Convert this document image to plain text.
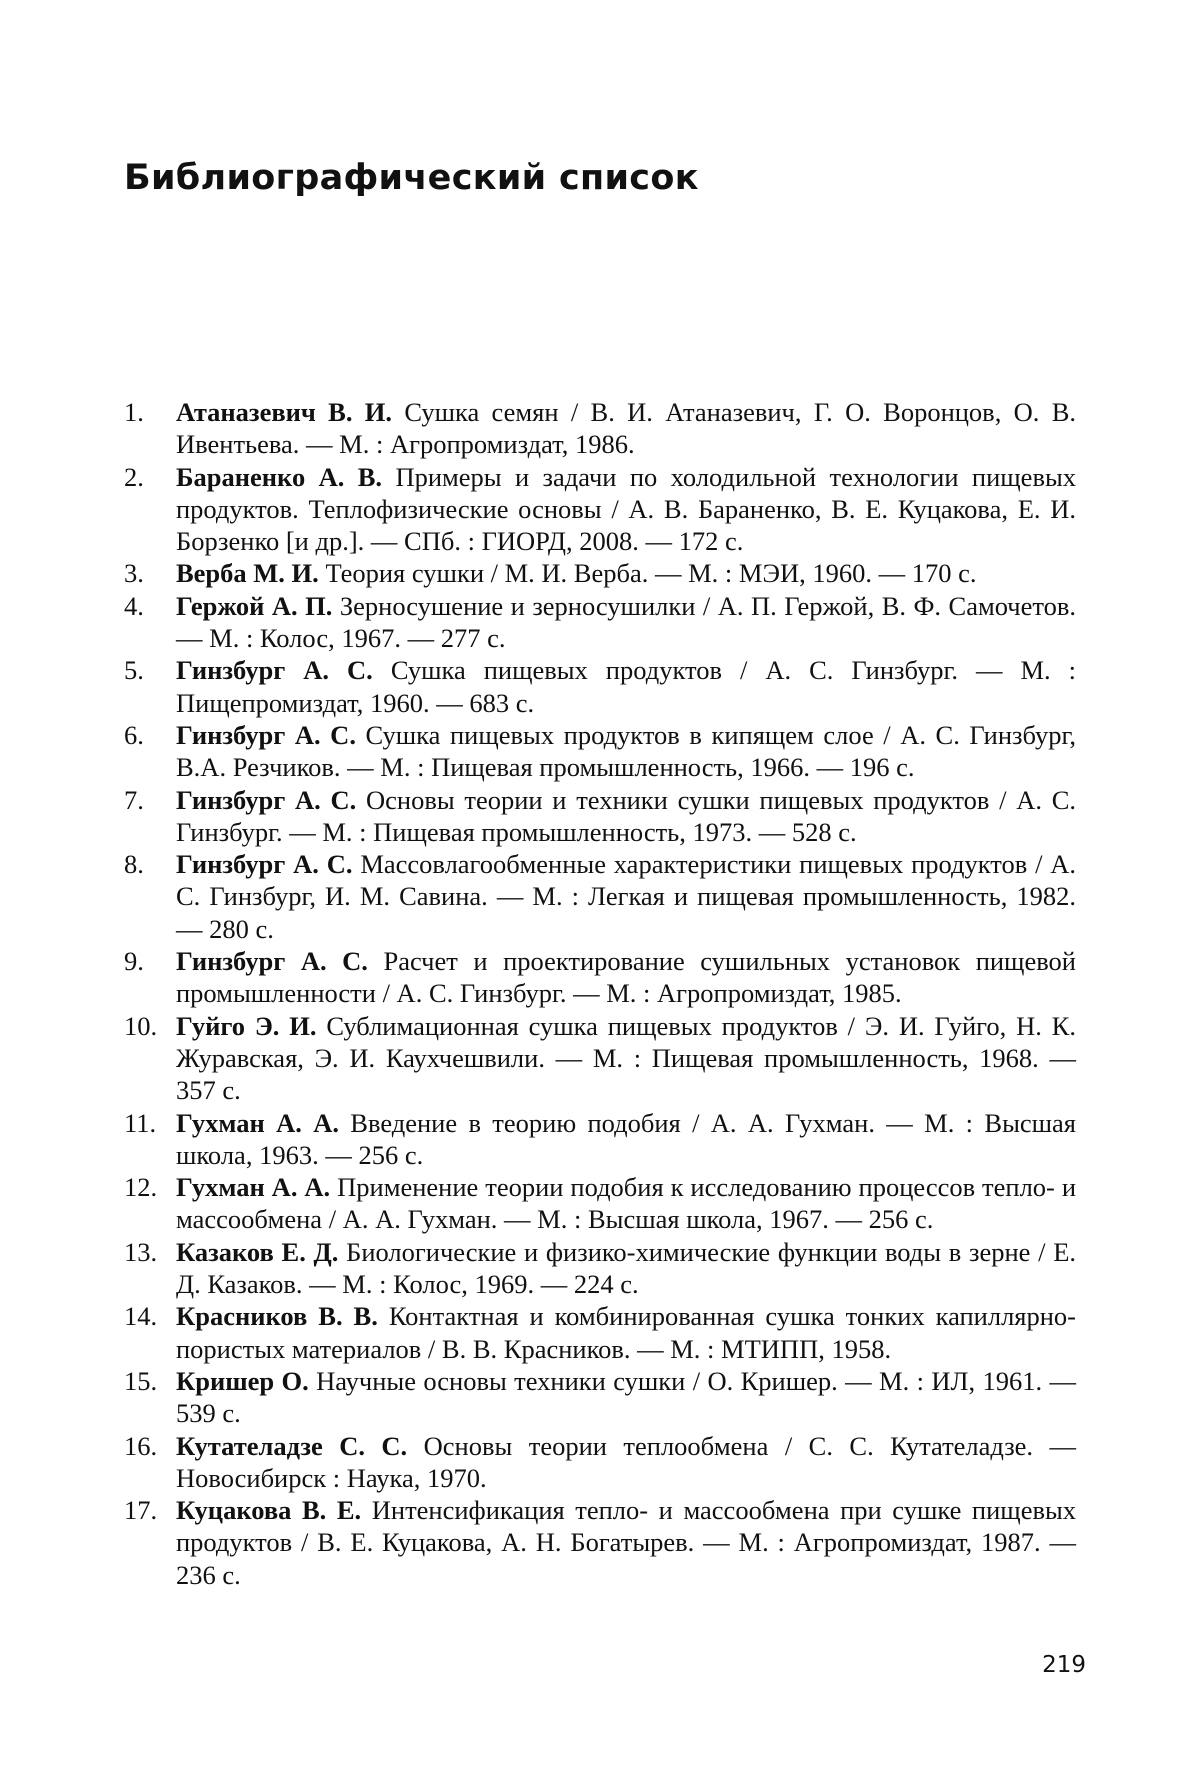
Библиографический список
1. Атаназевич В. И. Сушка семян / В. И. Атаназевич, Г. О. Воронцов, О. В. Ивентьева. — М. : Агропромиздат, 1986.
2. Бараненко А. В. Примеры и задачи по холодильной технологии пищевых продуктов. Теплофизические основы / А. В. Бараненко, В. Е. Куцакова, Е. И. Борзенко [и др.]. — СПб. : ГИОРД, 2008. — 172 с.
3. Верба М. И. Теория сушки / М. И. Верба. — М. : МЭИ, 1960. — 170 с.
4. Гержой А. П. Зерносушение и зерносушилки / А. П. Гержой, В. Ф. Самочетов. — М. : Колос, 1967. — 277 с.
5. Гинзбург А. С. Сушка пищевых продуктов / А. С. Гинзбург. — М. : Пищепромиздат, 1960. — 683 с.
6. Гинзбург А. С. Сушка пищевых продуктов в кипящем слое / А. С. Гинзбург, В.А. Резчиков. — М. : Пищевая промышленность, 1966. — 196 с.
7. Гинзбург А. С. Основы теории и техники сушки пищевых продуктов / А. С. Гинзбург. — М. : Пищевая промышленность, 1973. — 528 с.
8. Гинзбург А. С. Массовлагообменные характеристики пищевых продуктов / А. С. Гинзбург, И. М. Савина. — М. : Легкая и пищевая промышленность, 1982. — 280 с.
9. Гинзбург А. С. Расчет и проектирование сушильных установок пищевой промышленности / А. С. Гинзбург. — М. : Агропромиздат, 1985.
10. Гуйго Э. И. Сублимационная сушка пищевых продуктов / Э. И. Гуйго, Н. К. Журавская, Э. И. Каухчешвили. — М. : Пищевая промышленность, 1968. — 357 с.
11. Гухман А. А. Введение в теорию подобия / А. А. Гухман. — М. : Высшая школа, 1963. — 256 с.
12. Гухман А. А. Применение теории подобия к исследованию процессов тепло- и массообмена / А. А. Гухман. — М. : Высшая школа, 1967. — 256 с.
13. Казаков Е. Д. Биологические и физико-химические функции воды в зерне / Е. Д. Казаков. — М. : Колос, 1969. — 224 с.
14. Красников В. В. Контактная и комбинированная сушка тонких капиллярно-пористых материалов / В. В. Красников. — М. : МТИПП, 1958.
15. Кришер О. Научные основы техники сушки / О. Кришер. — М. : ИЛ, 1961. — 539 с.
16. Кутателадзе С. С. Основы теории теплообмена / С. С. Кутателадзе. — Новосибирск : Наука, 1970.
17. Куцакова В. Е. Интенсификация тепло- и массообмена при сушке пищевых продуктов / В. Е. Куцакова, А. Н. Богатырев. — М. : Агропромиздат, 1987. — 236 с.
219
